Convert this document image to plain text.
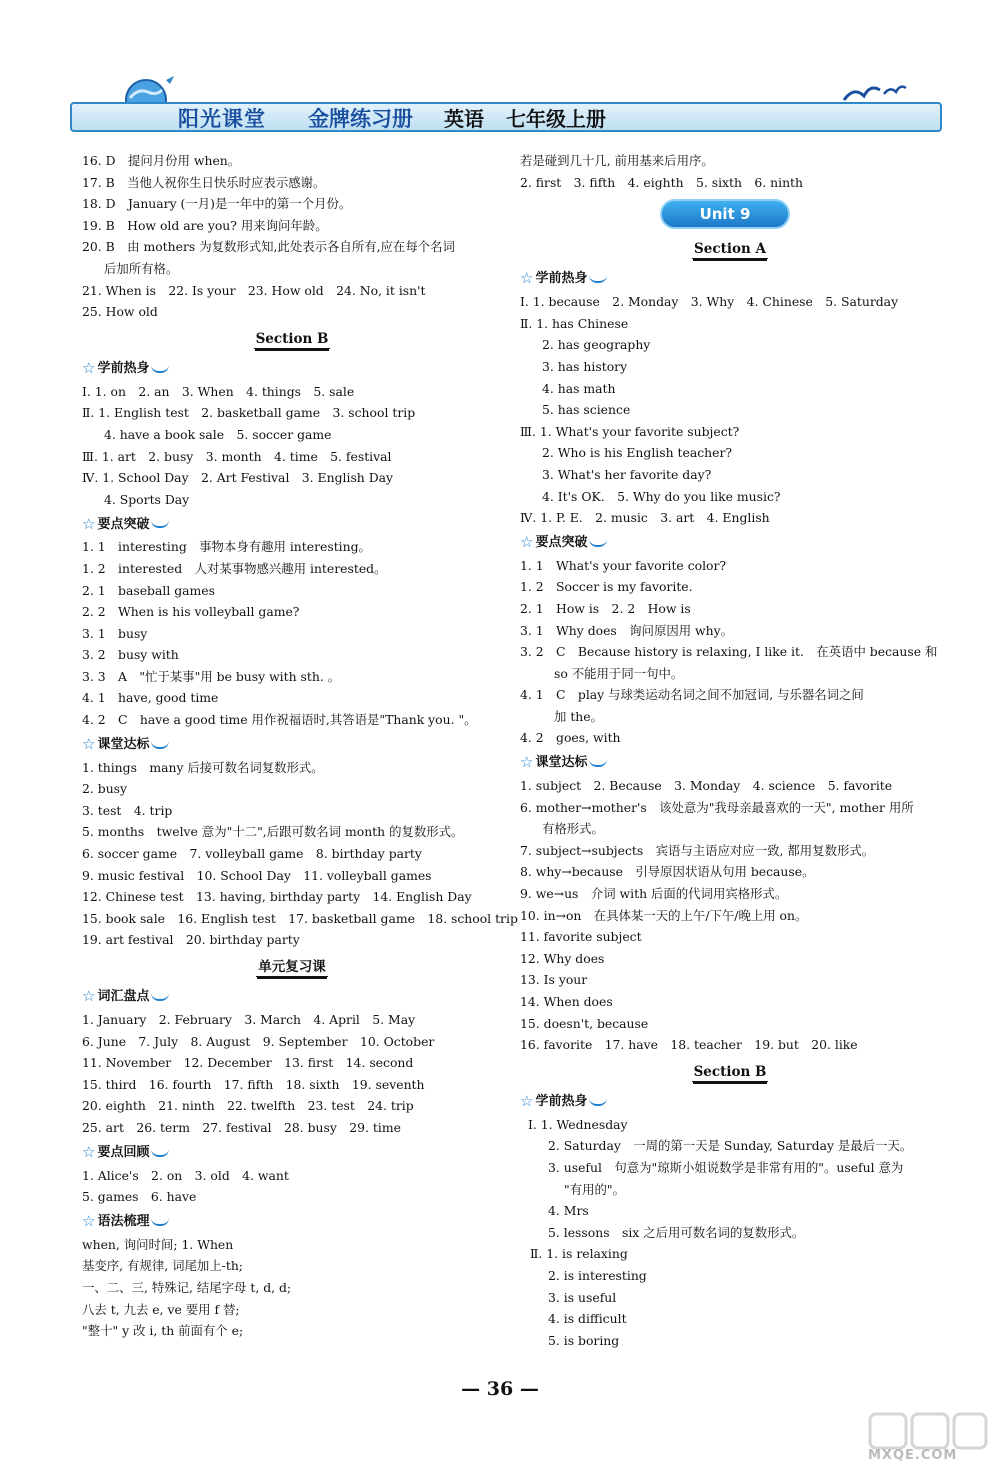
阳光课堂 金牌练习册 英语 七年级上册
16. D　提问月份用 when。
17. B　当他人祝你生日快乐时应表示感谢。
18. D　January (一月)是一年中的第一个月份。
19. B　How old are you? 用来询问年龄。
20. B　由 mothers 为复数形式知,此处表示各自所有,应在每个名词
后加所有格。
21. When is　22. Is your　23. How old　24. No, it isn't
25. How old
Section B
☆ 学前热身
Ⅰ. 1. on　2. an　3. When　4. things　5. sale
Ⅱ. 1. English test　2. basketball game　3. school trip
4. have a book sale　5. soccer game
Ⅲ. 1. art　2. busy　3. month　4. time　5. festival
Ⅳ. 1. School Day　2. Art Festival　3. English Day
4. Sports Day
☆ 要点突破
1. 1　interesting　事物本身有趣用 interesting。
1. 2　interested　人对某事物感兴趣用 interested。
2. 1　baseball games
2. 2　When is his volleyball game?
3. 1　busy
3. 2　busy with
3. 3　A　"忙于某事"用 be busy with sth. 。
4. 1　have, good time
4. 2　C　have a good time 用作祝福语时,其答语是"Thank you. "。
☆ 课堂达标
1. things　many 后接可数名词复数形式。
2. busy
3. test　4. trip
5. months　twelve 意为"十二",后跟可数名词 month 的复数形式。
6. soccer game　7. volleyball game　8. birthday party
9. music festival　10. School Day　11. volleyball games
12. Chinese test　13. having, birthday party　14. English Day
15. book sale　16. English test　17. basketball game　18. school trip
19. art festival　20. birthday party
单元复习课
☆ 词汇盘点
1. January　2. February　3. March　4. April　5. May
6. June　7. July　8. August　9. September　10. October
11. November　12. December　13. first　14. second
15. third　16. fourth　17. fifth　18. sixth　19. seventh
20. eighth　21. ninth　22. twelfth　23. test　24. trip
25. art　26. term　27. festival　28. busy　29. time
☆ 要点回顾
1. Alice's　2. on　3. old　4. want
5. games　6. have
☆ 语法梳理
when, 询问时间; 1. When
基变序, 有规律, 词尾加上-th;
一、二、三, 特殊记, 结尾字母 t, d, d;
八去 t, 九去 e, ve 要用 f 替;
"整十" y 改 i, th 前面有个 e;
若是碰到几十几, 前用基来后用序。
2. first　3. fifth　4. eighth　5. sixth　6. ninth
Unit 9
Section A
☆ 学前热身
Ⅰ. 1. because　2. Monday　3. Why　4. Chinese　5. Saturday
Ⅱ. 1. has Chinese
2. has geography
3. has history
4. has math
5. has science
Ⅲ. 1. What's your favorite subject?
2. Who is his English teacher?
3. What's her favorite day?
4. It's OK.　5. Why do you like music?
Ⅳ. 1. P. E.　2. music　3. art　4. English
☆ 要点突破
1. 1　What's your favorite color?
1. 2　Soccer is my favorite.
2. 1　How is　2. 2　How is
3. 1　Why does　询问原因用 why。
3. 2　C　Because history is relaxing, I like it.　在英语中 because 和
so 不能用于同一句中。
4. 1　C　play 与球类运动名词之间不加冠词, 与乐器名词之间
加 the。
4. 2　goes, with
☆ 课堂达标
1. subject　2. Because　3. Monday　4. science　5. favorite
6. mother→mother's　该处意为"我母亲最喜欢的一天", mother 用所
有格形式。
7. subject→subjects　宾语与主语应对应一致, 都用复数形式。
8. why→because　引导原因状语从句用 because。
9. we→us　介词 with 后面的代词用宾格形式。
10. in→on　在具体某一天的上午/下午/晚上用 on。
11. favorite subject
12. Why does
13. Is your
14. When does
15. doesn't, because
16. favorite　17. have　18. teacher　19. but　20. like
Section B
☆ 学前热身
Ⅰ. 1. Wednesday
2. Saturday　一周的第一天是 Sunday, Saturday 是最后一天。
3. useful　句意为"琼斯小姐说数学是非常有用的"。useful 意为
"有用的"。
4. Mrs
5. lessons　six 之后用可数名词的复数形式。
Ⅱ. 1. is relaxing
2. is interesting
3. is useful
4. is difficult
5. is boring
— 36 —
MXQE.COM
